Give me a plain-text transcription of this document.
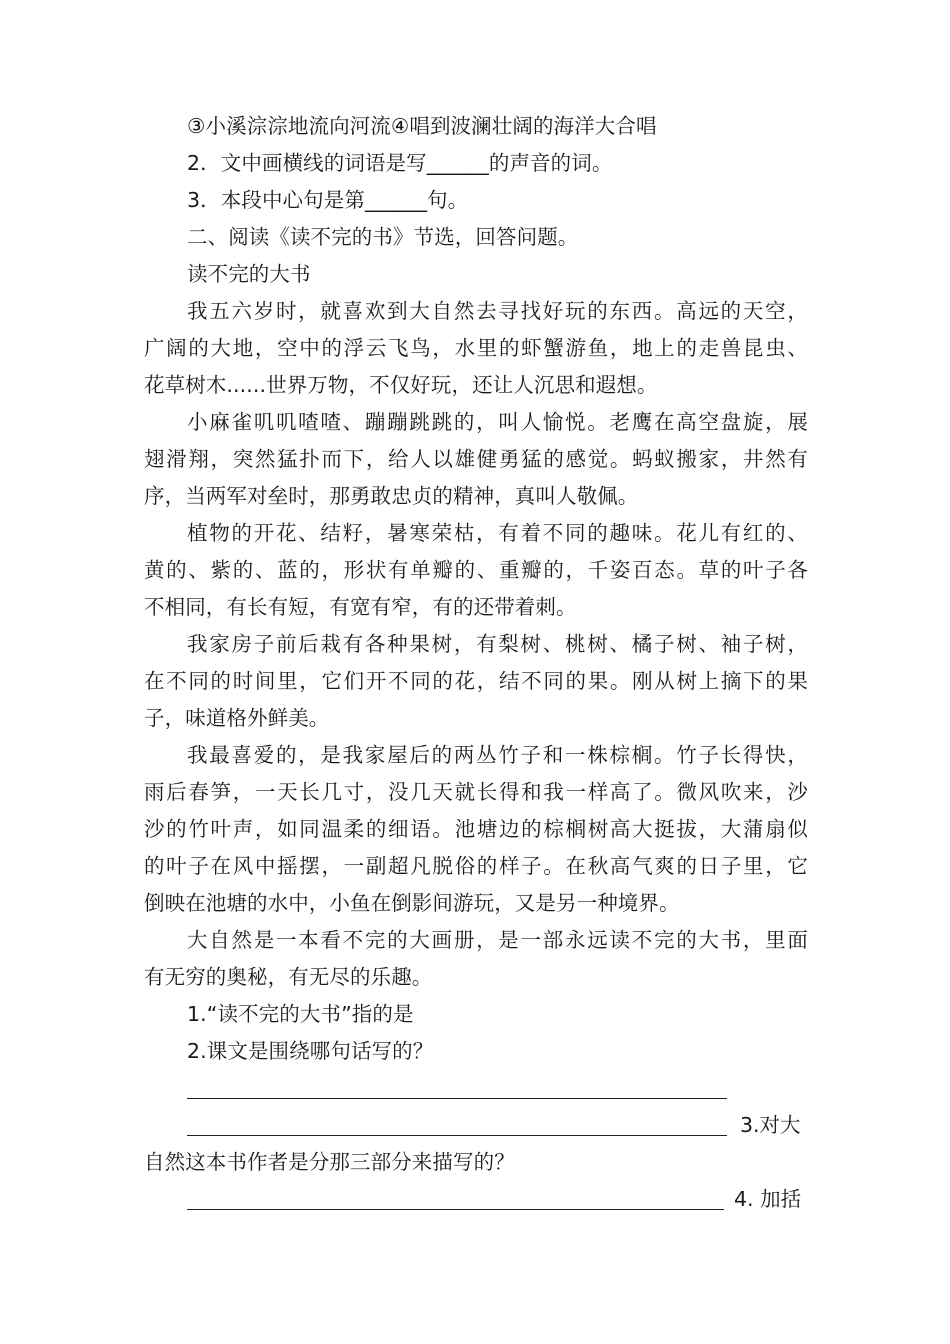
③小溪淙淙地流向河流④唱到波澜壮阔的海洋大合唱
2．文中画横线的词语是写______的声音的词。
3．本段中心句是第______句。
二、阅读《读不完的书》节选，回答问题。
读不完的大书
我五六岁时，就喜欢到大自然去寻找好玩的东西。高远的天空，
广阔的大地，空中的浮云飞鸟，水里的虾蟹游鱼，地上的走兽昆虫、
花草树木......世界万物，不仅好玩，还让人沉思和遐想。
小麻雀叽叽喳喳、蹦蹦跳跳的，叫人愉悦。老鹰在高空盘旋，展
翅滑翔，突然猛扑而下，给人以雄健勇猛的感觉。蚂蚁搬家，井然有
序，当两军对垒时，那勇敢忠贞的精神，真叫人敬佩。
植物的开花、结籽，暑寒荣枯，有着不同的趣味。花儿有红的、
黄的、紫的、蓝的，形状有单瓣的、重瓣的，千姿百态。草的叶子各
不相同，有长有短，有宽有窄，有的还带着刺。
我家房子前后栽有各种果树，有梨树、桃树、橘子树、袖子树，
在不同的时间里，它们开不同的花，结不同的果。刚从树上摘下的果
子，味道格外鲜美。
我最喜爱的，是我家屋后的两丛竹子和一株棕榈。竹子长得快，
雨后春笋，一天长几寸，没几天就长得和我一样高了。微风吹来，沙
沙的竹叶声，如同温柔的细语。池塘边的棕榈树高大挺拔，大蒲扇似
的叶子在风中摇摆，一副超凡脱俗的样子。在秋高气爽的日子里，它
倒映在池塘的水中，小鱼在倒影间游玩，又是另一种境界。
大自然是一本看不完的大画册，是一部永远读不完的大书，里面
有无穷的奥秘，有无尽的乐趣。
1.“读不完的大书”指的是
2.课文是围绕哪句话写的？
3.对大
自然这本书作者是分那三部分来描写的？
4. 加括
